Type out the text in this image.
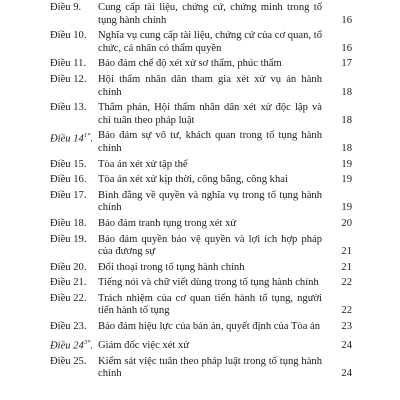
Điều 9.	Cung cấp tài liệu, chứng cứ, chứng minh trong tố tụng hành chính	16
Điều 10.	Nghĩa vụ cung cấp tài liệu, chứng cứ của cơ quan, tổ chức, cá nhân có thẩm quyền	16
Điều 11.	Bảo đảm chế độ xét xử sơ thẩm, phúc thẩm	17
Điều 12.	Hội thẩm nhân dân tham gia xét xử vụ án hành chính	18
Điều 13.	Thẩm phán, Hội thẩm nhân dân xét xử độc lập và chỉ tuân theo pháp luật	18
Điều $14^{1*}$. Bảo đảm sự vô tư, khách quan trong tố tụng hành chính	18
Điều 15.	Tòa án xét xử tập thể	19
Điều 16.	Tòa án xét xử kịp thời, công bằng, công khai	19
Điều 17.	Bình đẳng về quyền và nghĩa vụ trong tố tụng hành chính	19
Điều 18.	Bảo đảm tranh tụng trong xét xử	20
Điều 19.	Bảo đảm quyền bảo vệ quyền và lợi ích hợp pháp của đương sự	21
Điều 20.	Đối thoại trong tố tụng hành chính	21
Điều 21.	Tiếng nói và chữ viết dùng trong tố tụng hành chính	22
Điều 22.	Trách nhiệm của cơ quan tiến hành tố tụng, người tiến hành tố tụng	22
Điều 23.	Bảo đảm hiệu lực của bản án, quyết định của Tòa án	23
Điều $24^{3*}$. Giám đốc việc xét xử	24
Điều 25.	Kiểm sát việc tuân theo pháp luật trong tố tụng hành chính	24
